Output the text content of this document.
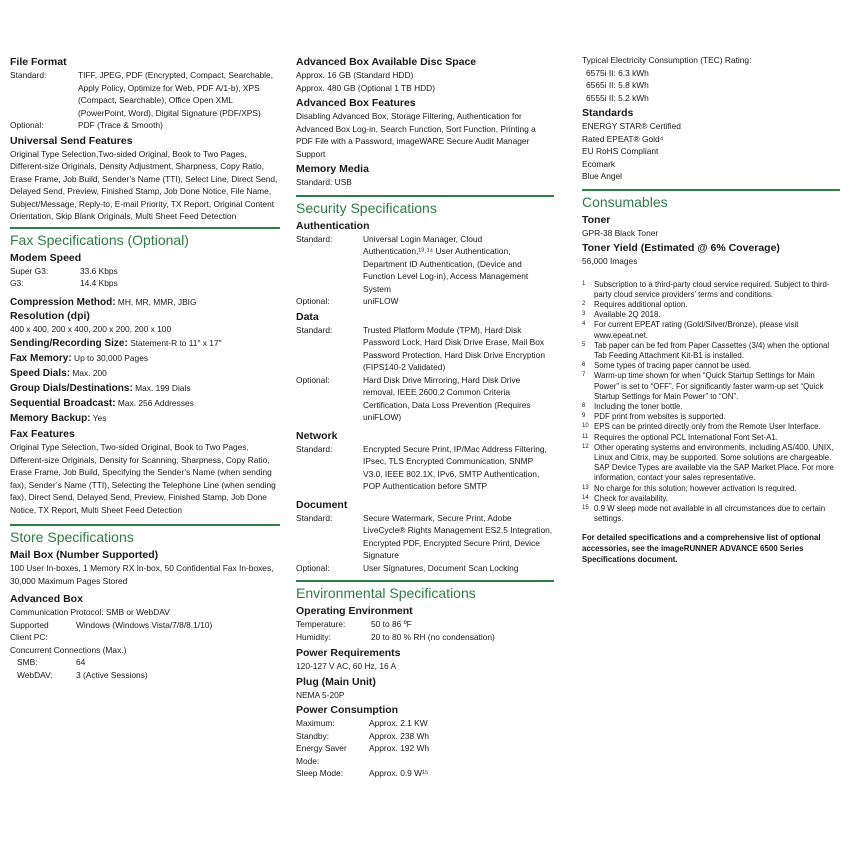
File Format
Standard:	TIFF, JPEG, PDF (Encrypted, Compact, Searchable, Apply Policy, Optimize for Web, PDF A/1-b), XPS (Compact, Searchable), Office Open XML (PowerPoint, Word), Digital Signature (PDF/XPS)
Optional:	PDF (Trace & Smooth)
Universal Send Features
Original Type Selection,Two-sided Original, Book to Two Pages, Different-size Originals, Density Adjustment, Sharpness, Copy Ratio, Erase Frame, Job Build, Sender’s Name (TTI), Select Line, Direct Send, Delayed Send, Preview, Finished Stamp, Job Done Notice, File Name, Subject/Message, Reply-to, E-mail Priority, TX Report, Original Content Orientation, Skip Blank Originals, Multi Sheet Feed Detection
Fax Specifications (Optional)
Modem Speed
Super G3:	33.6 Kbps
G3:	14.4 Kbps
Compression Method: MH, MR, MMR, JBIG
Resolution (dpi)
400 x 400, 200 x 400, 200 x 200, 200 x 100
Sending/Recording Size: Statement-R to 11" x 17"
Fax Memory: Up to 30,000 Pages
Speed Dials: Max. 200
Group Dials/Destinations: Max. 199 Dials
Sequential Broadcast: Max. 256 Addresses
Memory Backup: Yes
Fax Features
Original Type Selection, Two-sided Original, Book to Two Pages, Different-size Originals, Density for Scanning, Sharpness, Copy Ratio, Erase Frame, Job Build, Specifying the Sender’s Name (when sending fax), Sender’s Name (TTI), Selecting the Telephone Line (when sending fax), Direct Send, Delayed Send, Preview, Finished Stamp, Job Done Notice, TX Report, Multi Sheet Feed Detection
Store Specifications
Mail Box (Number Supported)
100 User In-boxes, 1 Memory RX In-box, 50 Confidential Fax In-boxes, 30,000 Maximum Pages Stored
Advanced Box
Communication Protocol: SMB or WebDAV
Supported
Client PC:
Windows (Windows Vista/7/8/8.1/10)
Concurrent Connections (Max.)
SMB:	64
WebDAV:	3 (Active Sessions)
Advanced Box Available Disc Space
Approx. 16 GB (Standard HDD)
Approx. 480 GB (Optional 1 TB HDD)
Advanced Box Features
Disabling Advanced Box, Storage Filtering, Authentication for Advanced Box Log-in, Search Function, Sort Function, Printing a PDF File with a Password, imageWARE Secure Audit Manager Support
Memory Media
Standard: USB
Security Specifications
Authentication
Standard:	Universal Login Manager, Cloud Authentication,¹³˒¹⁴ User Authentication, Department ID Authentication, (Device and Function Level Log-in), Access Management System
Optional:	uniFLOW
Data
Standard:	Trusted Platform Module (TPM), Hard Disk Password Lock, Hard Disk Drive Erase, Mail Box Password Protection, Hard Disk Drive Encryption (FIPS140-2 Validated)
Optional:	Hard Disk Drive Mirroring, Hard Disk Drive removal, IEEE 2600.2 Common Criteria Certification, Data Loss Prevention (Requires uniFLOW)
Network
Standard:	Encrypted Secure Print, IP/Mac Address Filtering, IPsec, TLS Encrypted Communication, SNMP V3.0, IEEE 802.1X, IPv6, SMTP Authentication, POP Authentication before SMTP
Document
Standard:	Secure Watermark, Secure Print, Adobe LiveCycle® Rights Management ES2.5 Integration, Encrypted PDF, Encrypted Secure Print, Device Signature
Optional:	User Signatures, Document Scan Locking
Environmental Specifications
Operating Environment
Temperature:	50 to 86 ºF
Humidity:	20 to 80 % RH (no condensation)
Power Requirements
120-127 V AC, 60 Hz, 16 A
Plug (Main Unit)
NEMA 5-20P
Power Consumption
Maximum:	Approx. 2.1 KW
Standby:	Approx. 238 Wh
Energy Saver
Mode:
Approx. 192 Wh
Sleep Mode:	Approx. 0.9 W¹⁵
Typical Electricity Consumption (TEC) Rating:
6575i II: 6.3 kWh
6565i II: 5.8 kWh
6555i II: 5.2 kWh
Standards
ENERGY STAR® Certified
Rated EPEAT® Gold⁴
EU RoHS Compliant
Ecomark
Blue Angel
Consumables
Toner
GPR-38 Black Toner
Toner Yield (Estimated @ 6% Coverage)
56,000 Images
1	Subscription to a third-party cloud service required. Subject to third-party cloud service providers’ terms and conditions.
2	Requires additional option.
3	Available 2Q 2018.
4	For current EPEAT rating (Gold/Silver/Bronze), please visit www.epeat.net.
5	Tab paper can be fed from Paper Cassettes (3/4) when the optional Tab Feeding Attachment Kit-B1 is installed.
6	Some types of tracing paper cannot be used.
7	Warm-up time shown for when “Quick Startup Settings for Main Power” is set to “OFF”. For significantly faster warm-up set “Quick Startup Settings for Main Power” to “ON”.
8	Including the toner bottle.
9	PDF print from websites is supported.
10 EPS can be printed directly only from the Remote User Interface.
11 Requires the optional PCL International Font Set-A1.
12 Other operating systems and environments, including AS/400, UNIX, Linux and Citrix, may be supported. Some solutions are chargeable. SAP Device Types are available via the SAP Market Place. For more information, contact your sales representative.
13 No charge for this solution; however activation is required.
14 Check for availability.
15 0.9 W sleep mode not available in all circumstances due to certain settings.
For detailed specifications and a comprehensive list of optional accessories, see the imageRUNNER ADVANCE 6500 Series Specifications document.
